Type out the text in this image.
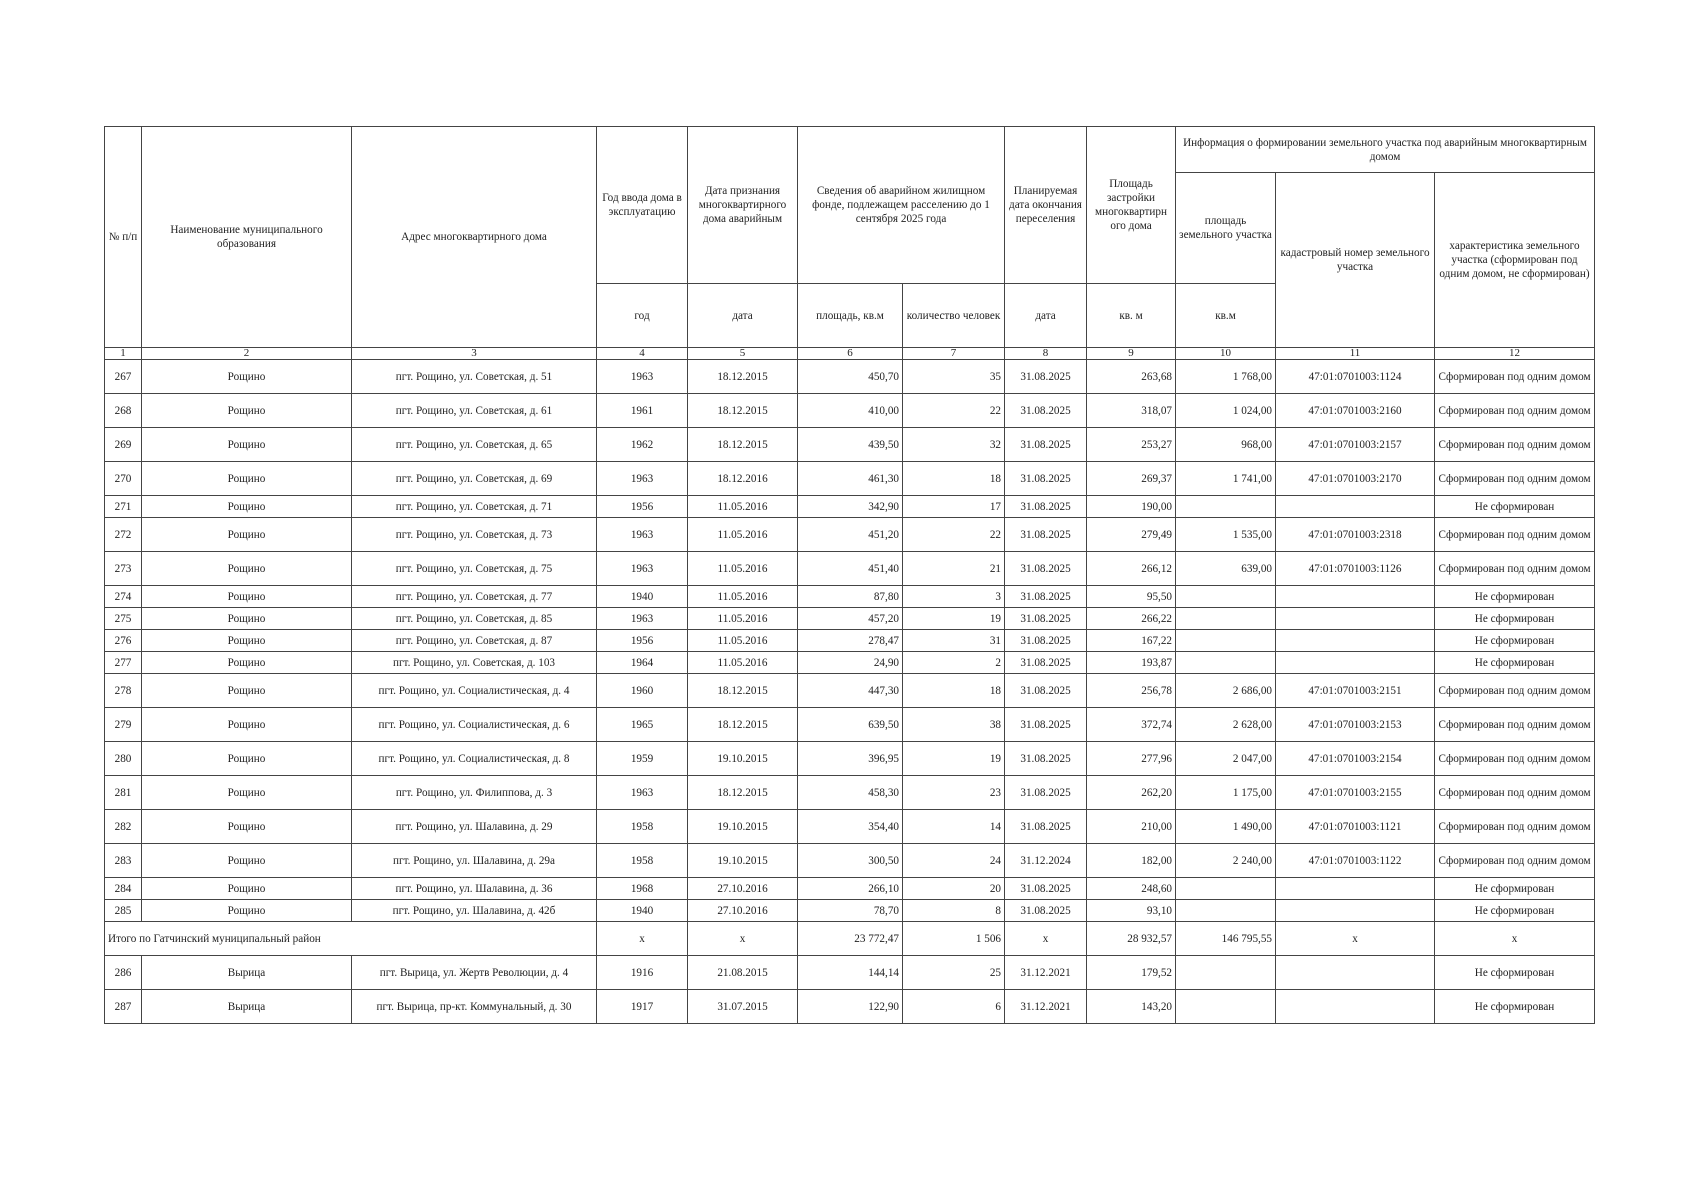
№ п/п	Наименование муниципального образования	Адрес многоквартирного дома	Год ввода дома в эксплуатацию	Дата признания многоквартирного дома аварийным	Сведения об аварийном жилищном фонде, подлежащем расселению до 1 сентября 2025 года		Планируемая дата окончания переселения	Площадь застройки многоквартирн ого дома	Информация о формировании земельного участка под аварийным многоквартирным домом		
									площадь земельного участка	кадастровый номер земельного участка	характеристика земельного участка (сформирован под одним домом, не сформирован)
			год	дата	площадь, кв.м	количество человек	дата	кв. м	кв.м		
1	2	3	4	5	6	7	8	9	10	11	12
267	Рощино	пгт. Рощино, ул. Советская, д. 51	1963	18.12.2015	450,70	35	31.08.2025	263,68	1 768,00	47:01:0701003:1124	Сформирован под одним домом
268	Рощино	пгт. Рощино, ул. Советская, д. 61	1961	18.12.2015	410,00	22	31.08.2025	318,07	1 024,00	47:01:0701003:2160	Сформирован под одним домом
269	Рощино	пгт. Рощино, ул. Советская, д. 65	1962	18.12.2015	439,50	32	31.08.2025	253,27	968,00	47:01:0701003:2157	Сформирован под одним домом
270	Рощино	пгт. Рощино, ул. Советская, д. 69	1963	18.12.2016	461,30	18	31.08.2025	269,37	1 741,00	47:01:0701003:2170	Сформирован под одним домом
271	Рощино	пгт. Рощино, ул. Советская, д. 71	1956	11.05.2016	342,90	17	31.08.2025	190,00			Не сформирован
272	Рощино	пгт. Рощино, ул. Советская, д. 73	1963	11.05.2016	451,20	22	31.08.2025	279,49	1 535,00	47:01:0701003:2318	Сформирован под одним домом
273	Рощино	пгт. Рощино, ул. Советская, д. 75	1963	11.05.2016	451,40	21	31.08.2025	266,12	639,00	47:01:0701003:1126	Сформирован под одним домом
274	Рощино	пгт. Рощино, ул. Советская, д. 77	1940	11.05.2016	87,80	3	31.08.2025	95,50			Не сформирован
275	Рощино	пгт. Рощино, ул. Советская, д. 85	1963	11.05.2016	457,20	19	31.08.2025	266,22			Не сформирован
276	Рощино	пгт. Рощино, ул. Советская, д. 87	1956	11.05.2016	278,47	31	31.08.2025	167,22			Не сформирован
277	Рощино	пгт. Рощино, ул. Советская, д. 103	1964	11.05.2016	24,90	2	31.08.2025	193,87			Не сформирован
278	Рощино	пгт. Рощино, ул. Социалистическая, д. 4	1960	18.12.2015	447,30	18	31.08.2025	256,78	2 686,00	47:01:0701003:2151	Сформирован под одним домом
279	Рощино	пгт. Рощино, ул. Социалистическая, д. 6	1965	18.12.2015	639,50	38	31.08.2025	372,74	2 628,00	47:01:0701003:2153	Сформирован под одним домом
280	Рощино	пгт. Рощино, ул. Социалистическая, д. 8	1959	19.10.2015	396,95	19	31.08.2025	277,96	2 047,00	47:01:0701003:2154	Сформирован под одним домом
281	Рощино	пгт. Рощино, ул. Филиппова, д. 3	1963	18.12.2015	458,30	23	31.08.2025	262,20	1 175,00	47:01:0701003:2155	Сформирован под одним домом
282	Рощино	пгт. Рощино, ул. Шалавина, д. 29	1958	19.10.2015	354,40	14	31.08.2025	210,00	1 490,00	47:01:0701003:1121	Сформирован под одним домом
283	Рощино	пгт. Рощино, ул. Шалавина, д. 29а	1958	19.10.2015	300,50	24	31.12.2024	182,00	2 240,00	47:01:0701003:1122	Сформирован под одним домом
284	Рощино	пгт. Рощино, ул. Шалавина, д. 36	1968	27.10.2016	266,10	20	31.08.2025	248,60			Не сформирован
285	Рощино	пгт. Рощино, ул. Шалавина, д. 42б	1940	27.10.2016	78,70	8	31.08.2025	93,10			Не сформирован
Итого по Гатчинский муниципальный район			x	x	23 772,47	1 506	x	28 932,57	146 795,55	x	x
286	Вырица	пгт. Вырица, ул. Жертв Революции, д. 4	1916	21.08.2015	144,14	25	31.12.2021	179,52			Не сформирован
287	Вырица	пгт. Вырица, пр-кт. Коммунальный, д. 30	1917	31.07.2015	122,90	6	31.12.2021	143,20			Не сформирован
